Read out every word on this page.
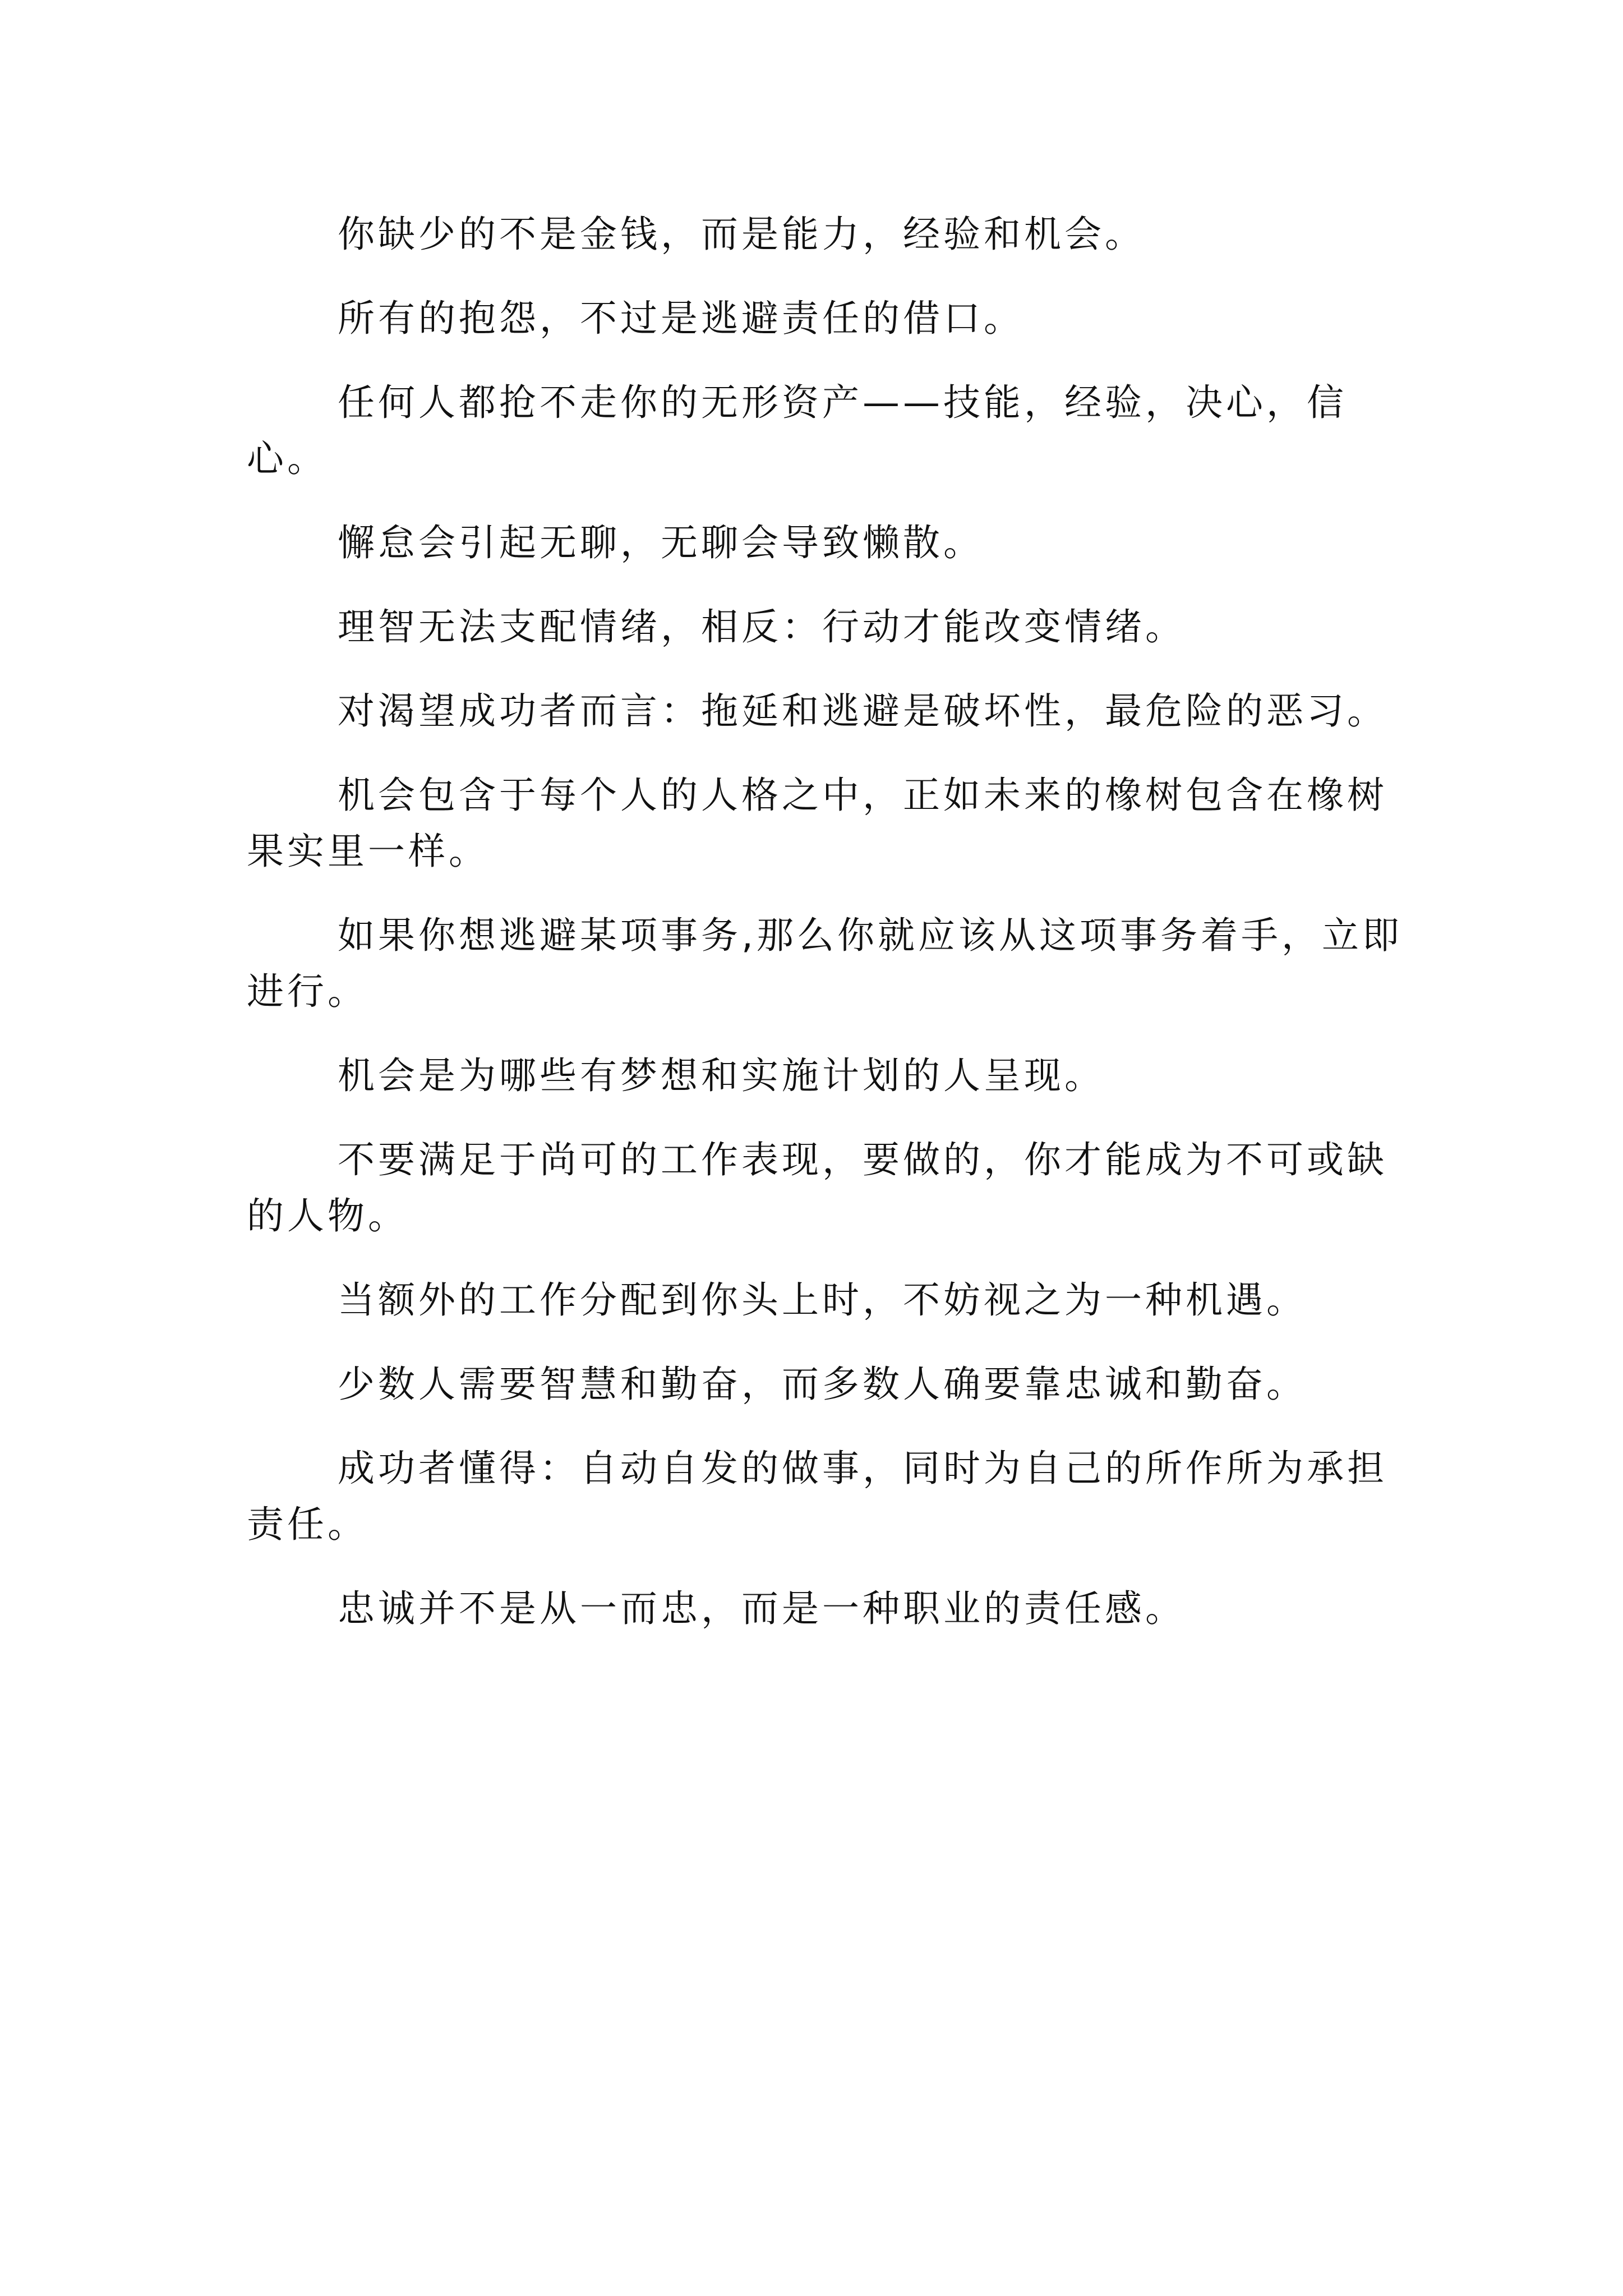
你缺少的不是金钱，而是能力，经验和机会。

所有的抱怨，不过是逃避责任的借口。

任何人都抢不走你的无形资产——技能，经验，决心，信心。

懈怠会引起无聊，无聊会导致懒散。

理智无法支配情绪，相反：行动才能改变情绪。

对渴望成功者而言：拖延和逃避是破坏性，最危险的恶习。

机会包含于每个人的人格之中，正如未来的橡树包含在橡树果实里一样。

如果你想逃避某项事务,那么你就应该从这项事务着手，立即进行。

机会是为哪些有梦想和实施计划的人呈现。

不要满足于尚可的工作表现，要做的，你才能成为不可或缺的人物。

当额外的工作分配到你头上时，不妨视之为一种机遇。

少数人需要智慧和勤奋，而多数人确要靠忠诚和勤奋。

成功者懂得：自动自发的做事，同时为自己的所作所为承担责任。

忠诚并不是从一而忠，而是一种职业的责任感。
